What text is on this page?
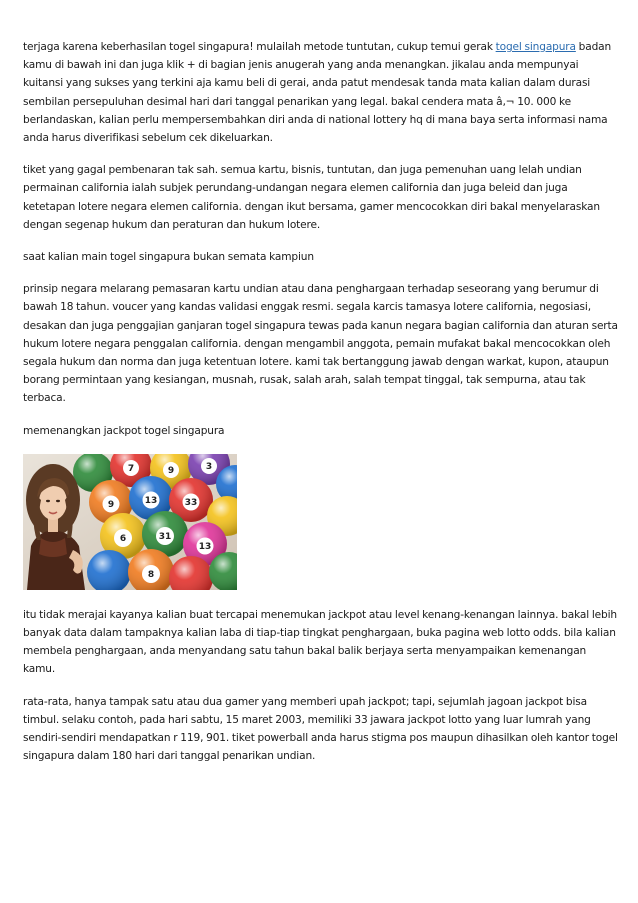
terjaga karena keberhasilan togel singapura! mulailah metode tuntutan, cukup temui gerak togel singapura badan kamu di bawah ini dan juga klik + di bagian jenis anugerah yang anda menangkan. jikalau anda mempunyai kuitansi yang sukses yang terkini aja kamu beli di gerai, anda patut mendesak tanda mata kalian dalam durasi sembilan persepuluhan desimal hari dari tanggal penarikan yang legal. bakal cendera mata â‚¬ 10. 000 ke berlandaskan, kalian perlu mempersembahkan diri anda di national lottery hq di mana baya serta informasi nama anda harus diverifikasi sebelum cek dikeluarkan.

tiket yang gagal pembenaran tak sah. semua kartu, bisnis, tuntutan, dan juga pemenuhan uang lelah undian permainan california ialah subjek perundang-undangan negara elemen california dan juga beleid dan juga ketetapan lotere negara elemen california. dengan ikut bersama, gamer mencocokkan diri bakal menyelaraskan dengan segenap hukum dan peraturan dan hukum lotere.

saat kalian main togel singapura bukan semata kampiun

prinsip negara melarang pemasaran kartu undian atau dana penghargaan terhadap seseorang yang berumur di bawah 18 tahun. voucer yang kandas validasi enggak resmi. segala karcis tamasya lotere california, negosiasi, desakan dan juga penggajian ganjaran togel singapura tewas pada kanun negara bagian california dan aturan serta hukum lotere negara penggalan california. dengan mengambil anggota, pemain mufakat bakal mencocokkan oleh segala hukum dan norma dan juga ketentuan lotere. kami tak bertanggung jawab dengan warkat, kupon, ataupun borang permintaan yang kesiangan, musnah, rusak, salah arah, salah tempat tinggal, tak sempurna, atau tak terbaca.

memenangkan jackpot togel singapura

7	9	3
9	13	33
6	31
13
8

itu tidak merajai kayanya kalian buat tercapai menemukan jackpot atau level kenang-kenangan lainnya. bakal lebih banyak data dalam tampaknya kalian laba di tiap-tiap tingkat penghargaan, buka pagina web lotto odds. bila kalian membela penghargaan, anda menyandang satu tahun bakal balik berjaya serta menyampaikan kemenangan kamu.

rata-rata, hanya tampak satu atau dua gamer yang memberi upah jackpot; tapi, sejumlah jagoan jackpot bisa timbul. selaku contoh, pada hari sabtu, 15 maret 2003, memiliki 33 jawara jackpot lotto yang luar lumrah yang sendiri-sendiri mendapatkan r 119, 901. tiket powerball anda harus stigma pos maupun dihasilkan oleh kantor togel singapura dalam 180 hari dari tanggal penarikan undian.
